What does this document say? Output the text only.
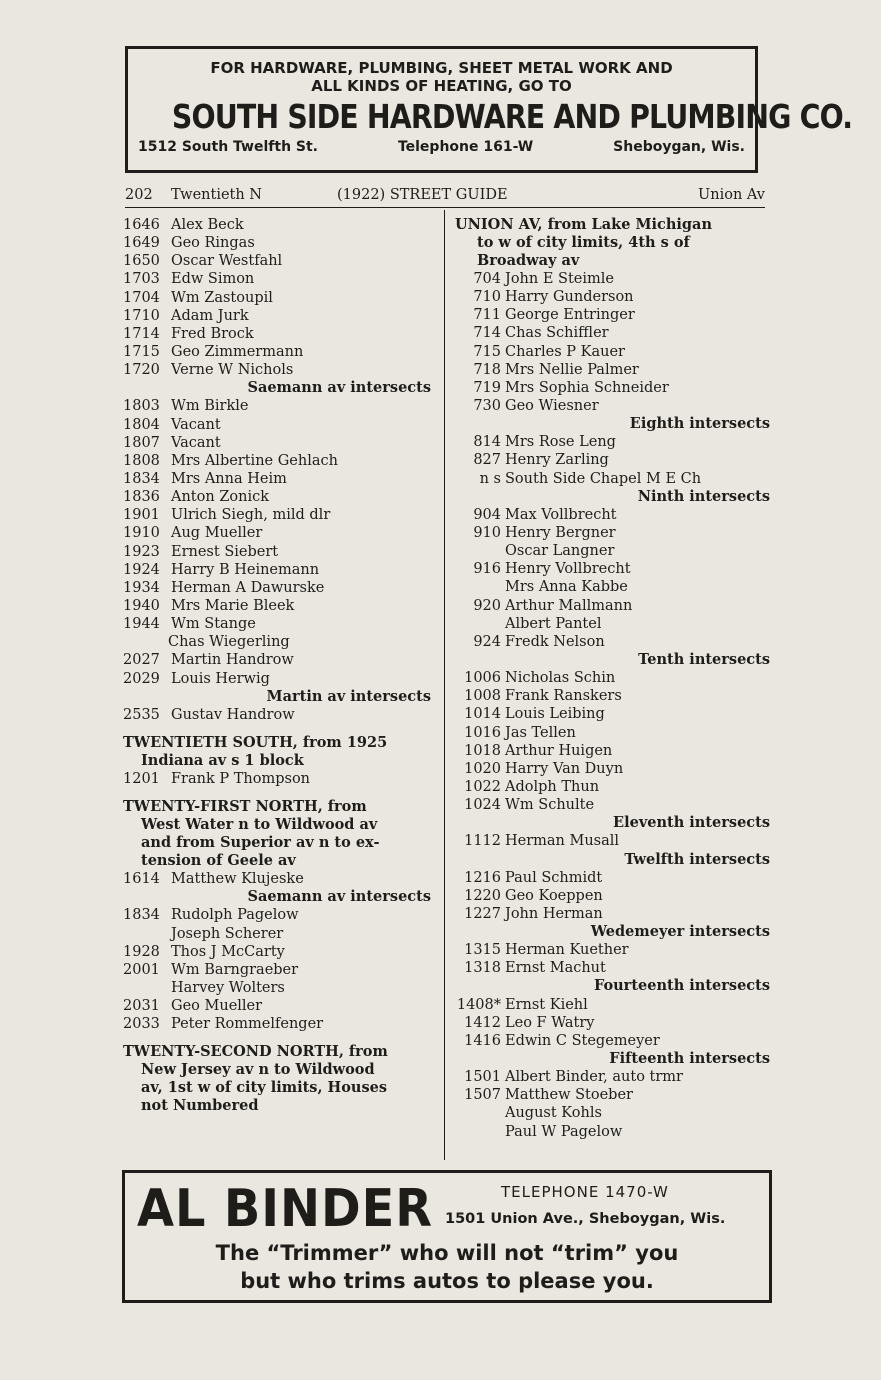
FOR HARDWARE, PLUMBING, SHEET METAL WORK AND
ALL KINDS OF HEATING, GO TO
SOUTH SIDE HARDWARE AND PLUMBING CO.
1512 South Twelfth St.	Telephone 161-W	Sheboygan, Wis.
202 Twentieth N	(1922) STREET GUIDE	Union Av
1646 Alex Beck
1649 Geo Ringas
1650 Oscar Westfahl
1703 Edw Simon
1704 Wm Zastoupil
1710 Adam Jurk
1714 Fred Brock
1715 Geo Zimmermann
1720 Verne W Nichols
Saemann av intersects
1803 Wm Birkle
1804 Vacant
1807 Vacant
1808 Mrs Albertine Gehlach
1834 Mrs Anna Heim
1836 Anton Zonick
1901 Ulrich Siegh, mild dlr
1910 Aug Mueller
1923 Ernest Siebert
1924 Harry B Heinemann
1934 Herman A Dawurske
1940 Mrs Marie Bleek
1944 Wm Stange
Chas Wiegerling
2027 Martin Handrow
2029 Louis Herwig
Martin av intersects
2535 Gustav Handrow
TWENTIETH SOUTH, from 1925
Indiana av s 1 block
1201 Frank P Thompson
TWENTY-FIRST NORTH, from
West Water n to Wildwood av
and from Superior av n to ex-
tension of Geele av
1614 Matthew Klujeske
Saemann av intersects
1834 Rudolph Pagelow
Joseph Scherer
1928 Thos J McCarty
2001 Wm Barngraeber
Harvey Wolters
2031 Geo Mueller
2033 Peter Rommelfenger
TWENTY-SECOND NORTH, from
New Jersey av n to Wildwood
av, 1st w of city limits, Houses
not Numbered
UNION AV, from Lake Michigan
to w of city limits, 4th s of
Broadway av
704 John E Steimle
710 Harry Gunderson
711 George Entringer
714 Chas Schiffler
715 Charles P Kauer
718 Mrs Nellie Palmer
719 Mrs Sophia Schneider
730 Geo Wiesner
Eighth intersects
814 Mrs Rose Leng
827 Henry Zarling
n s South Side Chapel M E Ch
Ninth intersects
904 Max Vollbrecht
910 Henry Bergner
Oscar Langner
916 Henry Vollbrecht
Mrs Anna Kabbe
920 Arthur Mallmann
Albert Pantel
924 Fredk Nelson
Tenth intersects
1006 Nicholas Schin
1008 Frank Ranskers
1014 Louis Leibing
1016 Jas Tellen
1018 Arthur Huigen
1020 Harry Van Duyn
1022 Adolph Thun
1024 Wm Schulte
Eleventh intersects
1112 Herman Musall
Twelfth intersects
1216 Paul Schmidt
1220 Geo Koeppen
1227 John Herman
Wedemeyer intersects
1315 Herman Kuether
1318 Ernst Machut
Fourteenth intersects
1408* Ernst Kiehl
1412 Leo F Watry
1416 Edwin C Stegemeyer
Fifteenth intersects
1501 Albert Binder, auto trmr
1507 Matthew Stoeber
August Kohls
Paul W Pagelow
AL BINDER	TELEPHONE 1470-W
1501 Union Ave., Sheboygan, Wis.
The “Trimmer” who will not “trim” you
but who trims autos to please you.
